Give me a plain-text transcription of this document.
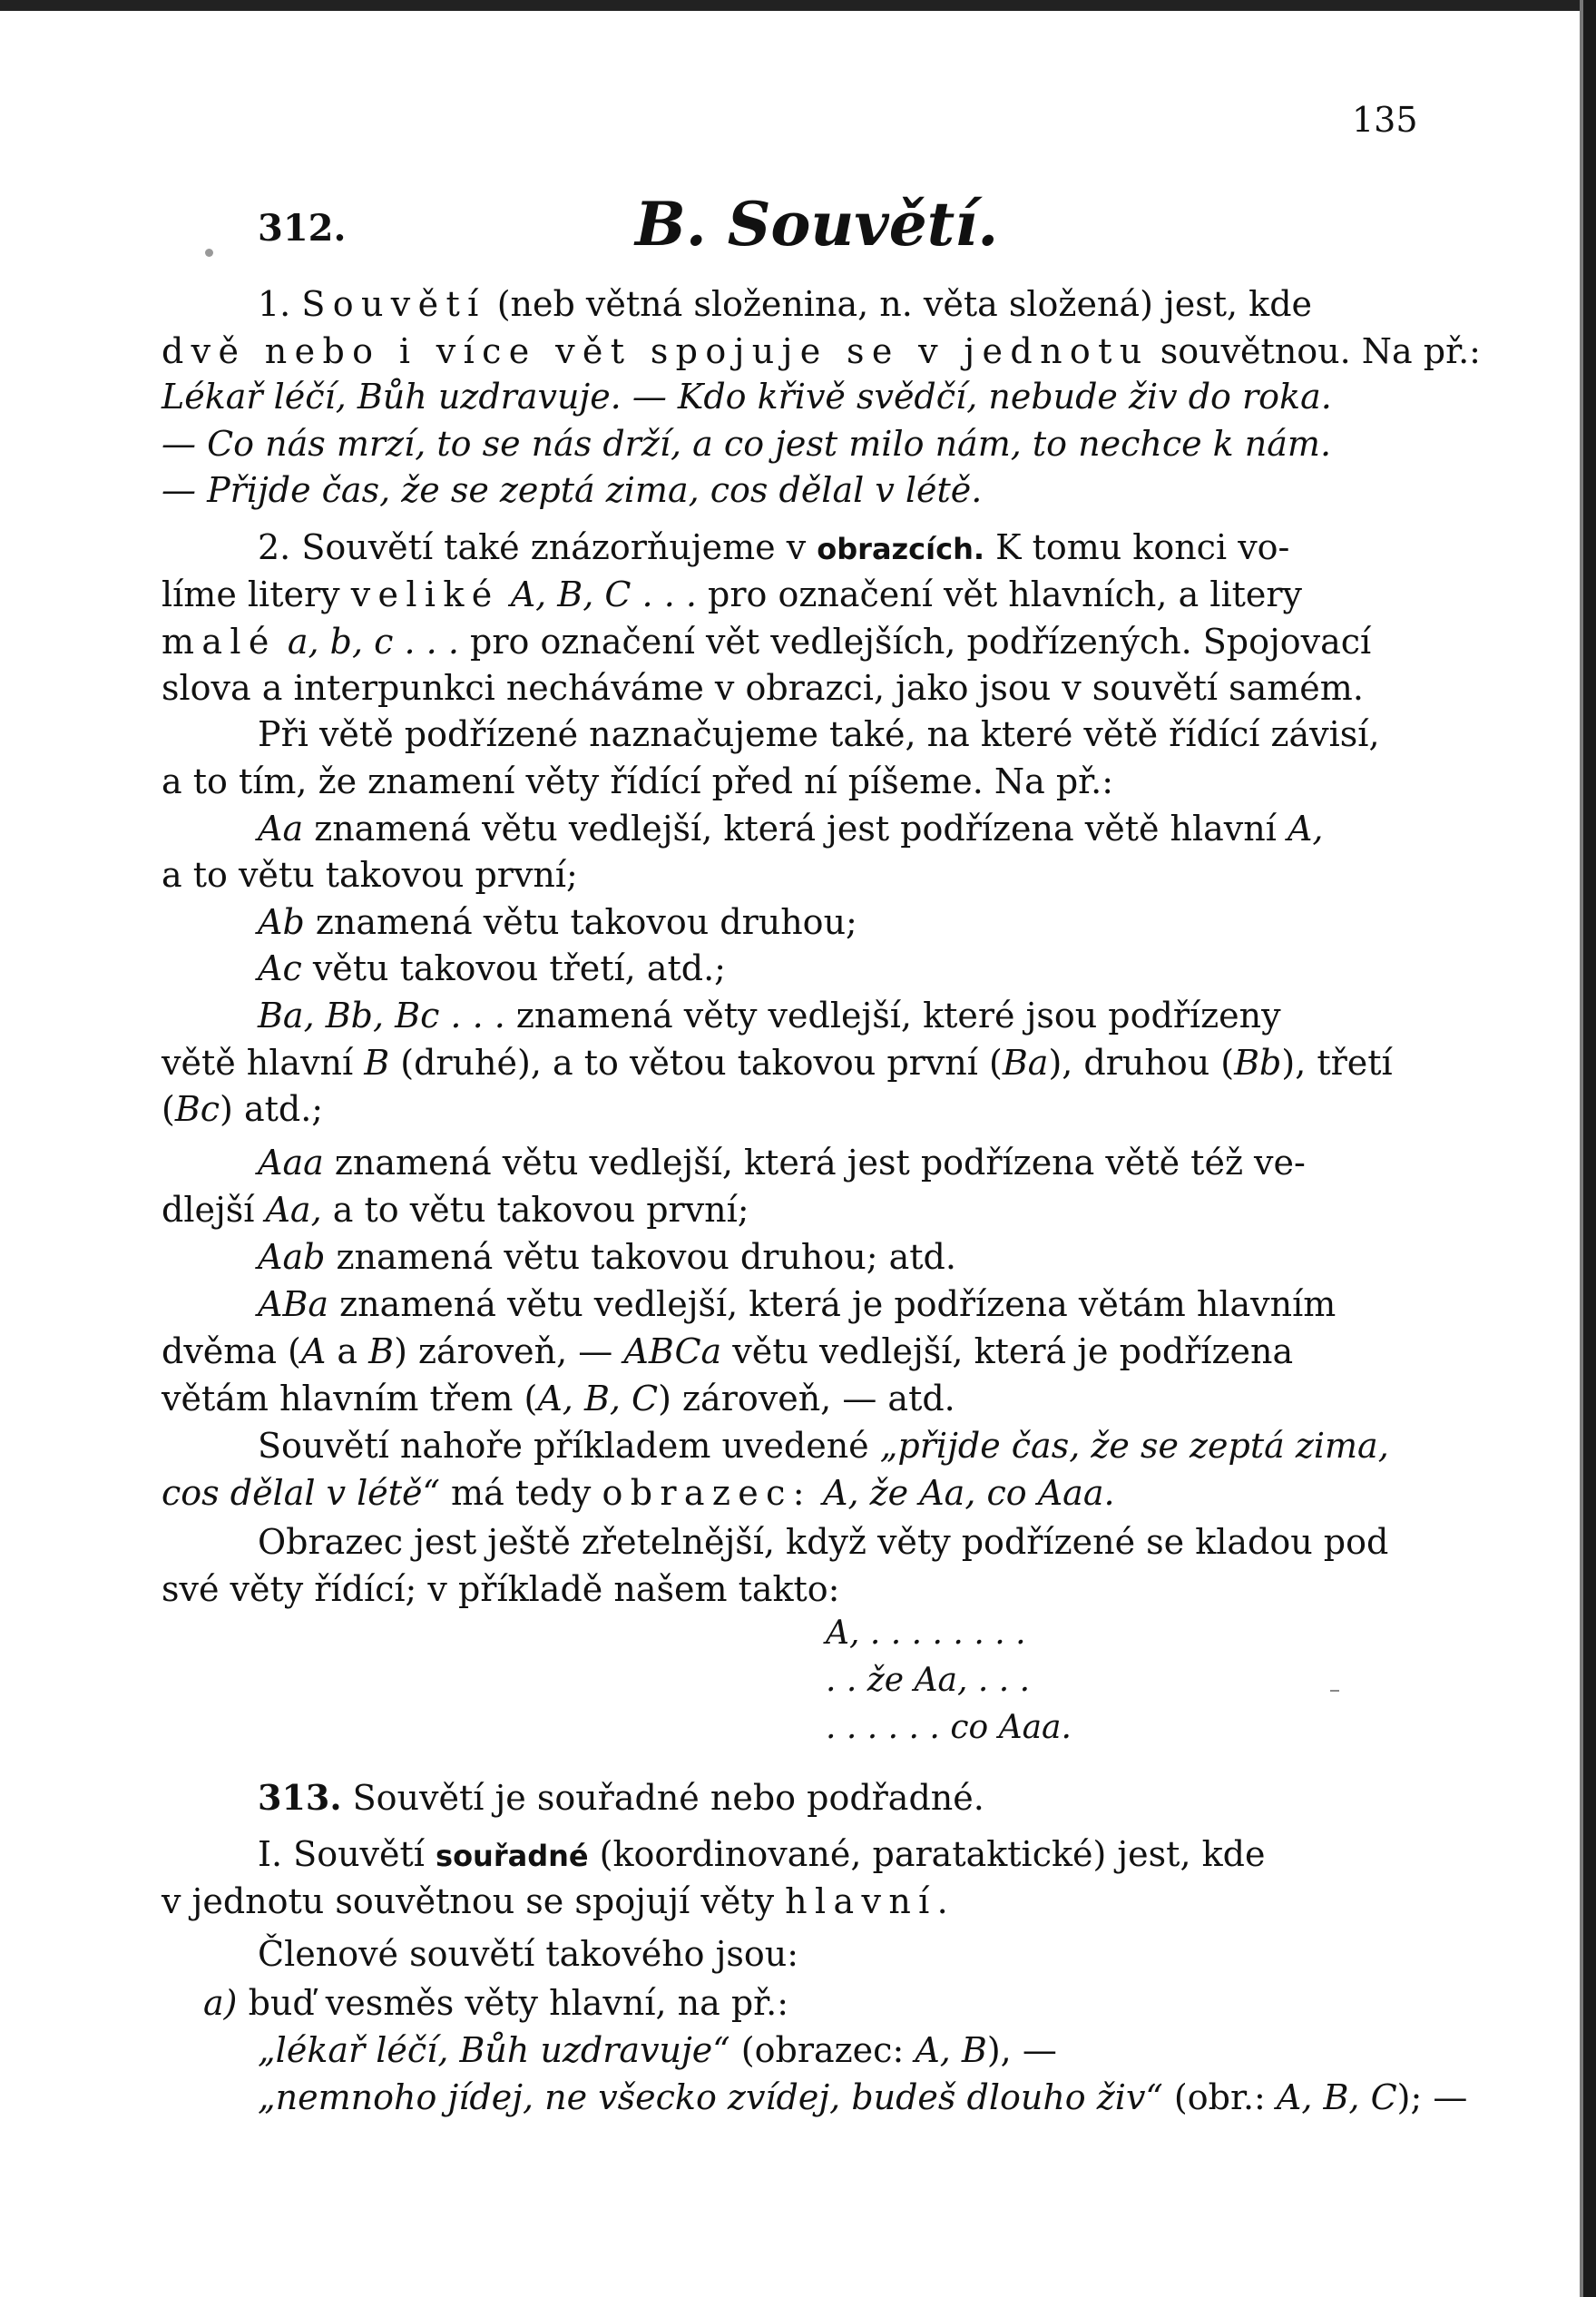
135
312.	B. Souvětí.
1. Souvětí (neb větná složenina, n. věta složená) jest, kde
dvě nebo i více vět spojuje se v jednotu souvětnou. Na př.:
Lékař léčí, Bůh uzdravuje. — Kdo křivě svědčí, nebude živ do roka.
— Co nás mrzí, to se nás drží, a co jest milo nám, to nechce k nám.
— Přijde čas, že se zeptá zima, cos dělal v létě.
2. Souvětí také znázorňujeme v obrazcích. K tomu konci vo-
líme litery veliké A, B, C . . . pro označení vět hlavních, a litery
malé a, b, c . . . pro označení vět vedlejších, podřízených. Spojovací
slova a interpunkci necháváme v obrazci, jako jsou v souvětí samém.
Při větě podřízené naznačujeme také, na které větě řídící závisí,
a to tím, že znamení věty řídící před ní píšeme. Na př.:
Aa znamená větu vedlejší, která jest podřízena větě hlavní A,
a to větu takovou první;
Ab znamená větu takovou druhou;
Ac větu takovou třetí, atd.;
Ba, Bb, Bc . . . znamená věty vedlejší, které jsou podřízeny
větě hlavní B (druhé), a to větou takovou první (Ba), druhou (Bb), třetí
(Bc) atd.;
Aaa znamená větu vedlejší, která jest podřízena větě též ve-
dlejší Aa, a to větu takovou první;
Aab znamená větu takovou druhou; atd.
ABa znamená větu vedlejší, která je podřízena větám hlavním
dvěma (A a B) zároveň, — ABCa větu vedlejší, která je podřízena
větám hlavním třem (A, B, C) zároveň, — atd.
Souvětí nahoře příkladem uvedené „přijde čas, že se zeptá zima,
cos dělal v létě“ má tedy obrazec: A, že Aa, co Aaa.
Obrazec jest ještě zřetelnější, když věty podřízené se kladou pod
své věty řídící; v příkladě našem takto:
A, . . . . . . . .
. . že Aa, . . .
. . . . . . co Aaa.
313. Souvětí je souřadné nebo podřadné.
I. Souvětí souřadné (koordinované, parataktické) jest, kde
v jednotu souvětnou se spojují věty hlavní.
Členové souvětí takového jsou:
a) buď vesměs věty hlavní, na př.:
„lékař léčí, Bůh uzdravuje“ (obrazec: A, B), —
„nemnoho jídej, ne všecko zvídej, budeš dlouho živ“ (obr.: A, B, C); —
